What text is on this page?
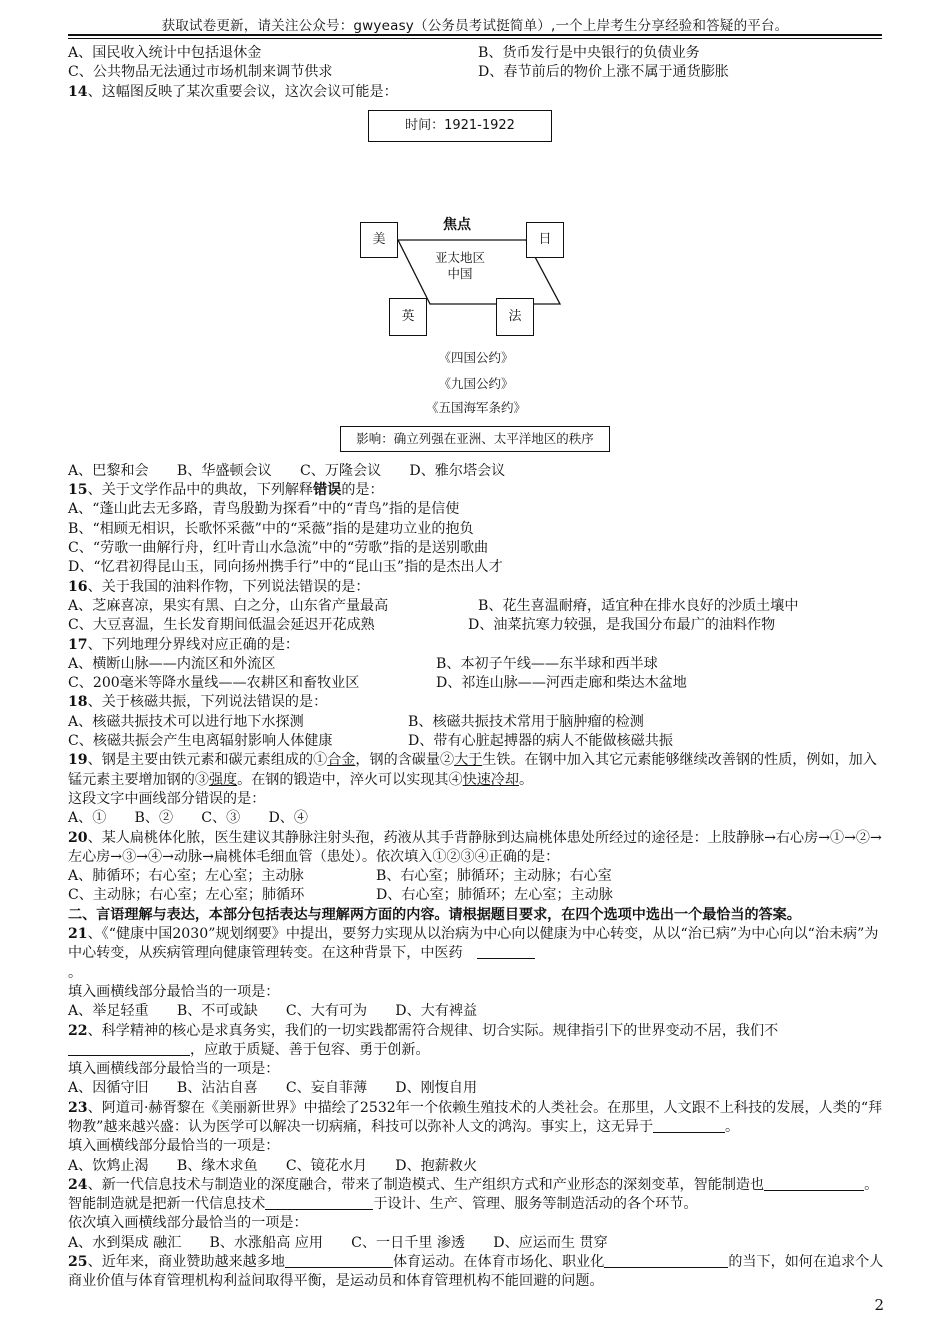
获取试卷更新，请关注公众号：gwyeasy（公务员考试挺简单）,一个上岸考生分享经验和答疑的平台。
A、国民收入统计中包括退休金	B、货币发行是中央银行的负债业务
C、公共物品无法通过市场机制来调节供求	D、春节前后的物价上涨不属于通货膨胀
14、这幅图反映了某次重要会议，这次会议可能是：
时间：1921-1922
焦点
美	日
英	法
亚太地区
中国
《四国公约》
《九国公约》
《五国海军条约》
影响：确立列强在亚洲、太平洋地区的秩序
A、巴黎和会　　 B、华盛顿会议　　 C、万隆会议　　 D、雅尔塔会议
15、关于文学作品中的典故，下列解释错误的是：
A、“蓬山此去无多路，青鸟殷勤为探看”中的“青鸟”指的是信使
B、“相顾无相识，长歌怀采薇”中的“采薇”指的是建功立业的抱负
C、“劳歌一曲解行舟，红叶青山水急流”中的“劳歌”指的是送别歌曲
D、“忆君初得昆山玉，同向扬州携手行”中的“昆山玉”指的是杰出人才
16、关于我国的油料作物，下列说法错误的是：
A、芝麻喜凉，果实有黑、白之分，山东省产量最高	B、花生喜温耐瘠，适宜种在排水良好的沙质土壤中
C、大豆喜温，生长发育期间低温会延迟开花成熟	D、油菜抗寒力较强，是我国分布最广的油料作物
17、下列地理分界线对应正确的是：
A、横断山脉——内流区和外流区	B、本初子午线——东半球和西半球
C、200毫米等降水量线——农耕区和畜牧业区	D、祁连山脉——河西走廊和柴达木盆地
18、关于核磁共振，下列说法错误的是：
A、核磁共振技术可以进行地下水探测	B、核磁共振技术常用于脑肿瘤的检测
C、核磁共振会产生电离辐射影响人体健康	D、带有心脏起搏器的病人不能做核磁共振
19、钢是主要由铁元素和碳元素组成的①合金，钢的含碳量②大于生铁。在钢中加入其它元素能够继续改善钢的性质，例如，加入锰元素主要增加钢的③强度。在钢的锻造中，淬火可以实现其④快速冷却。
这段文字中画线部分错误的是：
A、①　　B、②　　C、③　　D、④
20、某人扁桃体化脓，医生建议其静脉注射头孢，药液从其手背静脉到达扁桃体患处所经过的途径是：上肢静脉→右心房→①→②→左心房→③→④→动脉→扁桃体毛细血管（患处）。依次填入①②③④正确的是：
A、肺循环；右心室；左心室；主动脉	B、右心室；肺循环；主动脉；右心室
C、主动脉；右心室；左心室；肺循环	D、右心室；肺循环；左心室；主动脉
二、言语理解与表达，本部分包括表达与理解两方面的内容。请根据题目要求，在四个选项中选出一个最恰当的答案。
21、《“健康中国2030”规划纲要》中提出，要努力实现从以治病为中心向以健康为中心转变，从以“治已病”为中心向以“治未病”为中心转变，从疾病管理向健康管理转变。在这种背景下，中医药　
。
填入画横线部分最恰当的一项是：
A、举足轻重　　B、不可或缺　　C、大有可为　　D、大有裨益
22、科学精神的核心是求真务实，我们的一切实践都需符合规律、切合实际。规律指引下的世界变动不居，我们不，应敢于质疑、善于包容、勇于创新。
填入画横线部分最恰当的一项是：
A、因循守旧　　B、沾沾自喜　　C、妄自菲薄　　D、刚愎自用
23、阿道司·赫胥黎在《美丽新世界》中描绘了2532年一个依赖生殖技术的人类社会。在那里，人文跟不上科技的发展，人类的“拜物教”越来越兴盛：认为医学可以解决一切病痛，科技可以弥补人文的鸿沟。事实上，这无异于	。
填入画横线部分最恰当的一项是：
A、饮鸩止渴　　B、缘木求鱼　　C、镜花水月　　D、抱薪救火
24、新一代信息技术与制造业的深度融合，带来了制造模式、生产组织方式和产业形态的深刻变革，智能制造也	。智能制造就是把新一代信息技术	于设计、生产、管理、服务等制造活动的各个环节。
依次填入画横线部分最恰当的一项是：
A、水到渠成 融汇　　B、水涨船高 应用　　C、一日千里 渗透　　D、应运而生 贯穿
25、近年来，商业赞助越来越多地	体育运动。在体育市场化、职业化	的当下，如何在追求个人商业价值与体育管理机构利益间取得平衡，是运动员和体育管理机构不能回避的问题。
2
